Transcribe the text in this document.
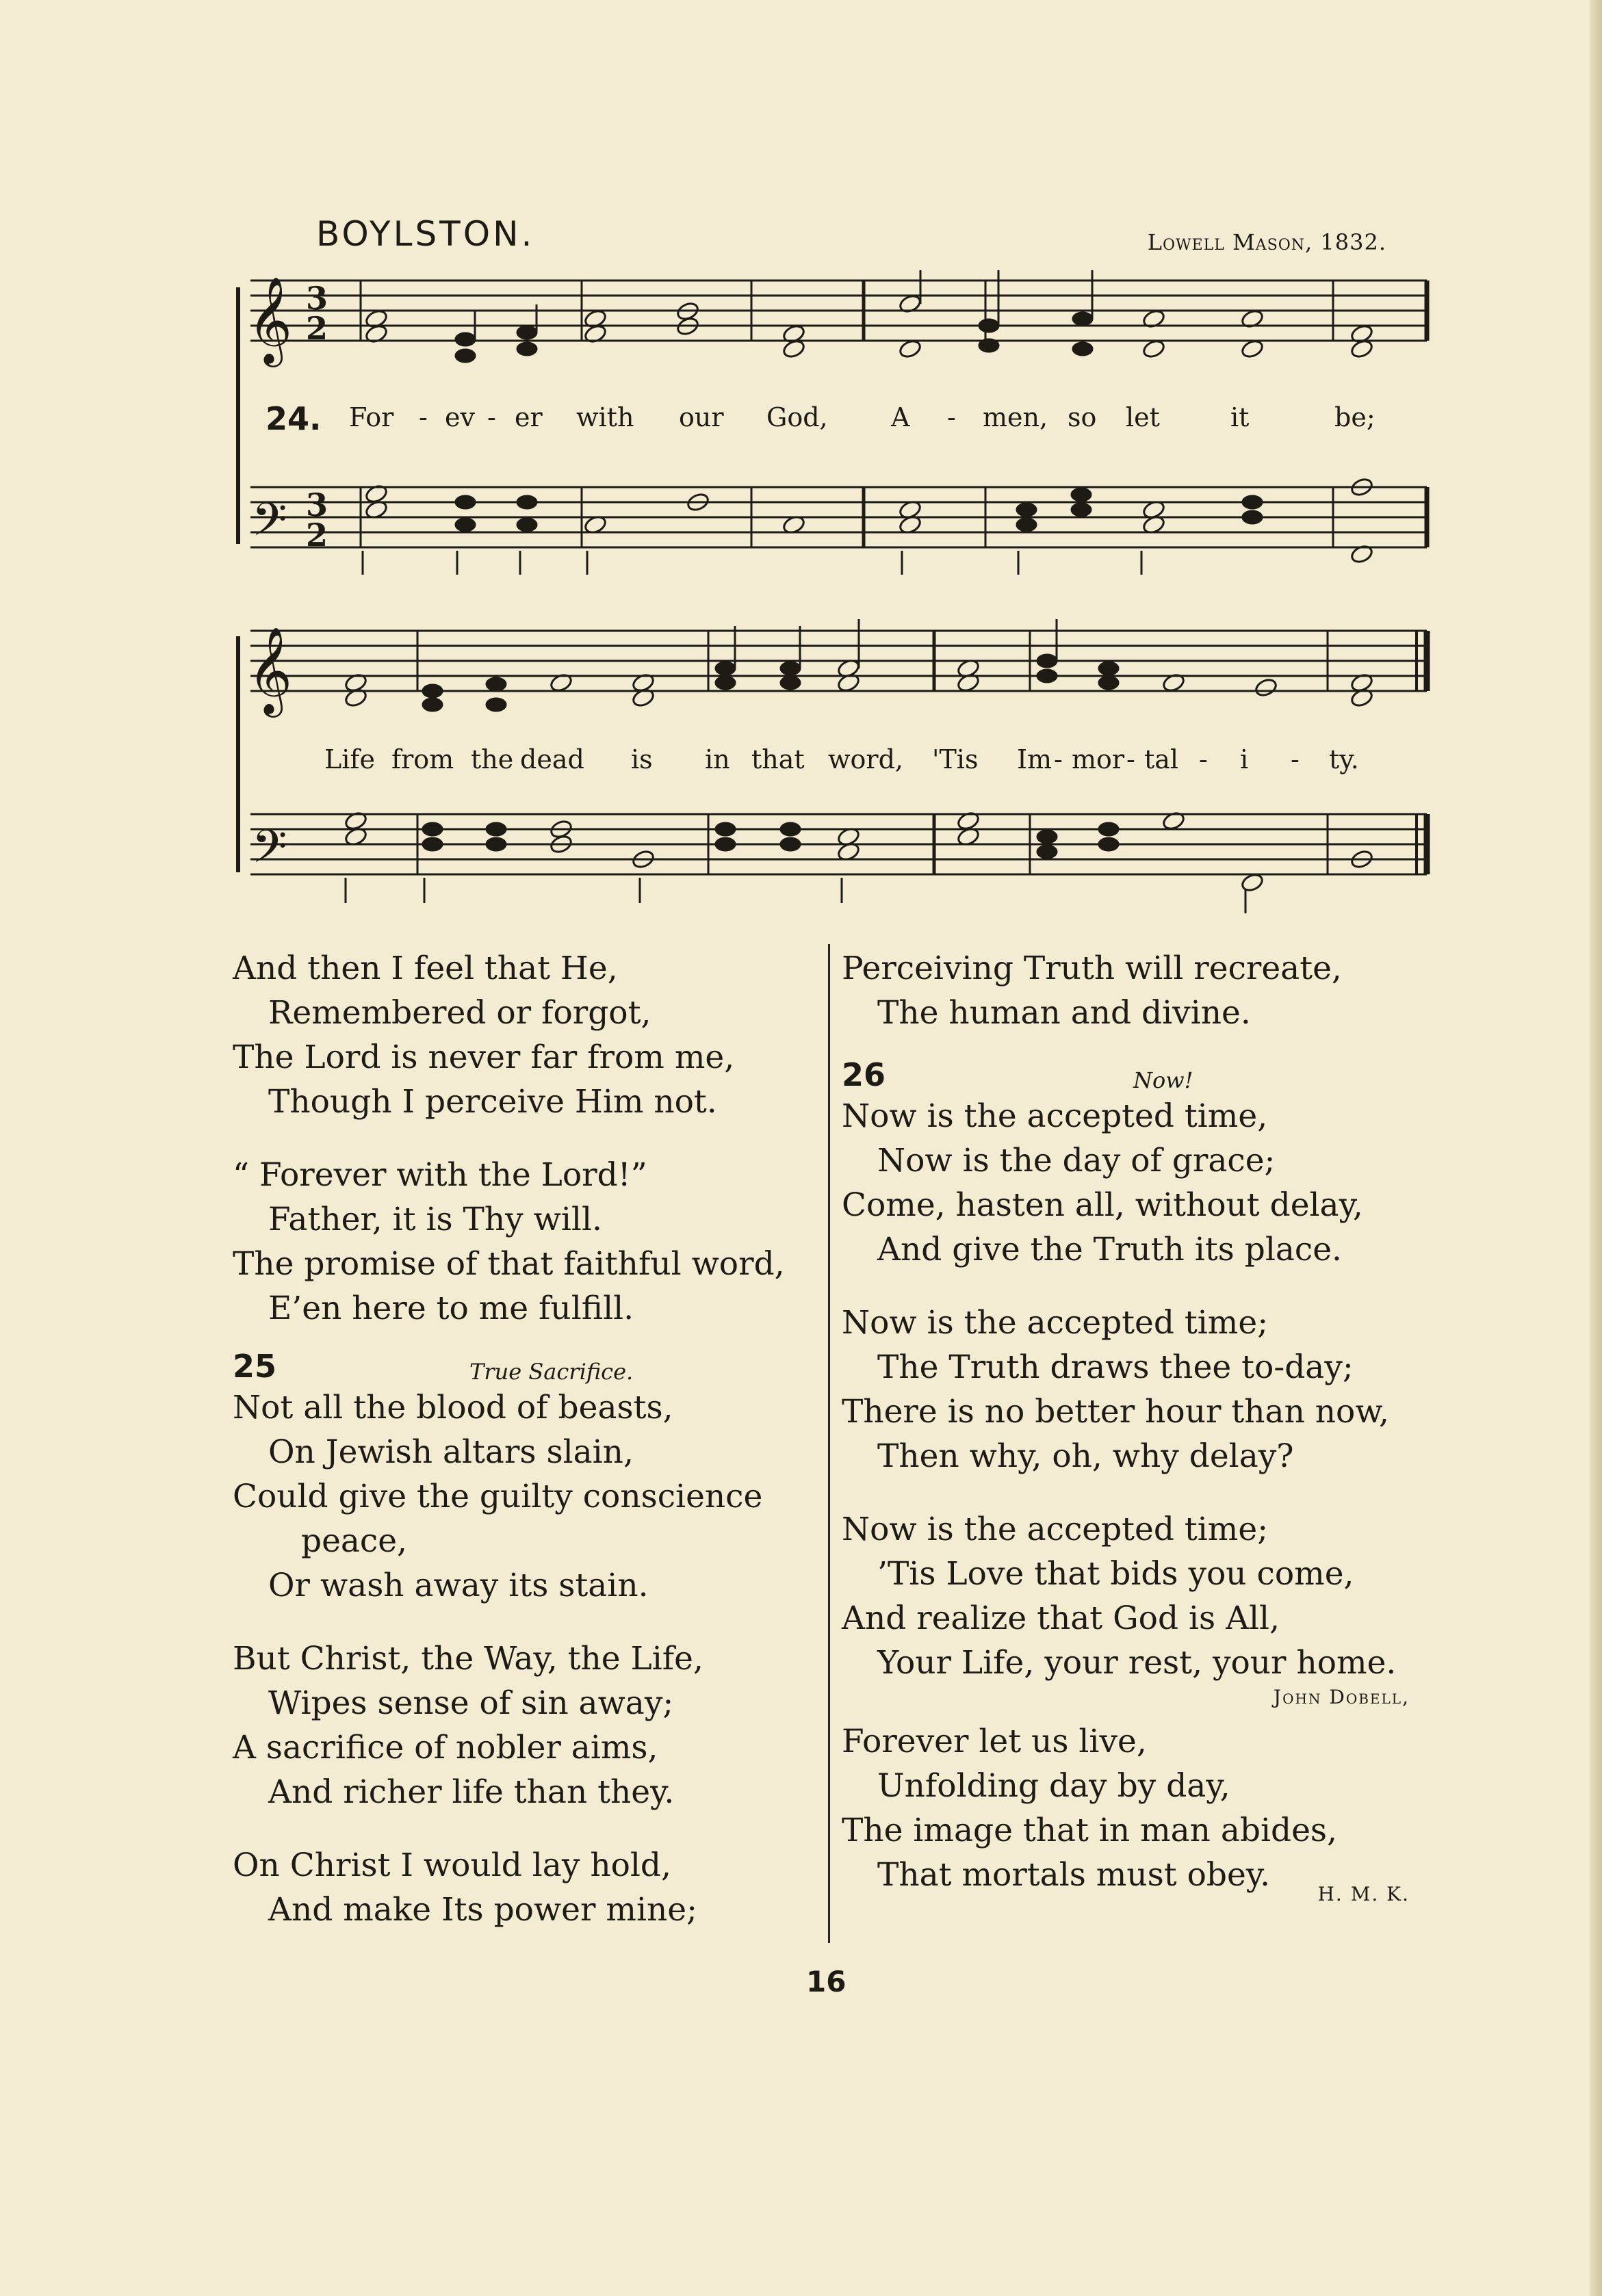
BOYLSTON.	Lowell Mason, 1832.
𝄞
𝄢
𝄞
𝄢
3
2
3
2
24. For - ev - er with our God, A - men, so let	it	be;
Life from the dead is in that word, 'Tis Im - mor - tal - i - ty.
And then I feel that He,
Remembered or forgot,
The Lord is never far from me,
Though I perceive Him not.
“ Forever with the Lord!”
Father, it is Thy will.
The promise of that faithful word,
E’en here to me fulfill.
25	True Sacrifice.
Not all the blood of beasts,
On Jewish altars slain,
Could give the guilty conscience
peace,
Or wash away its stain.
But Christ, the Way, the Life,
Wipes sense of sin away;
A sacrifice of nobler aims,
And richer life than they.
On Christ I would lay hold,
And make Its power mine;
Perceiving Truth will recreate,
The human and divine.
26	Now!
Now is the accepted time,
Now is the day of grace;
Come, hasten all, without delay,
And give the Truth its place.
Now is the accepted time;
The Truth draws thee to-day;
There is no better hour than now,
Then why, oh, why delay?
Now is the accepted time;
’Tis Love that bids you come,
And realize that God is All,
Your Life, your rest, your home.
John Dobell,
Forever let us live,
Unfolding day by day,
The image that in man abides,
That mortals must obey.
H. M. K.
16
